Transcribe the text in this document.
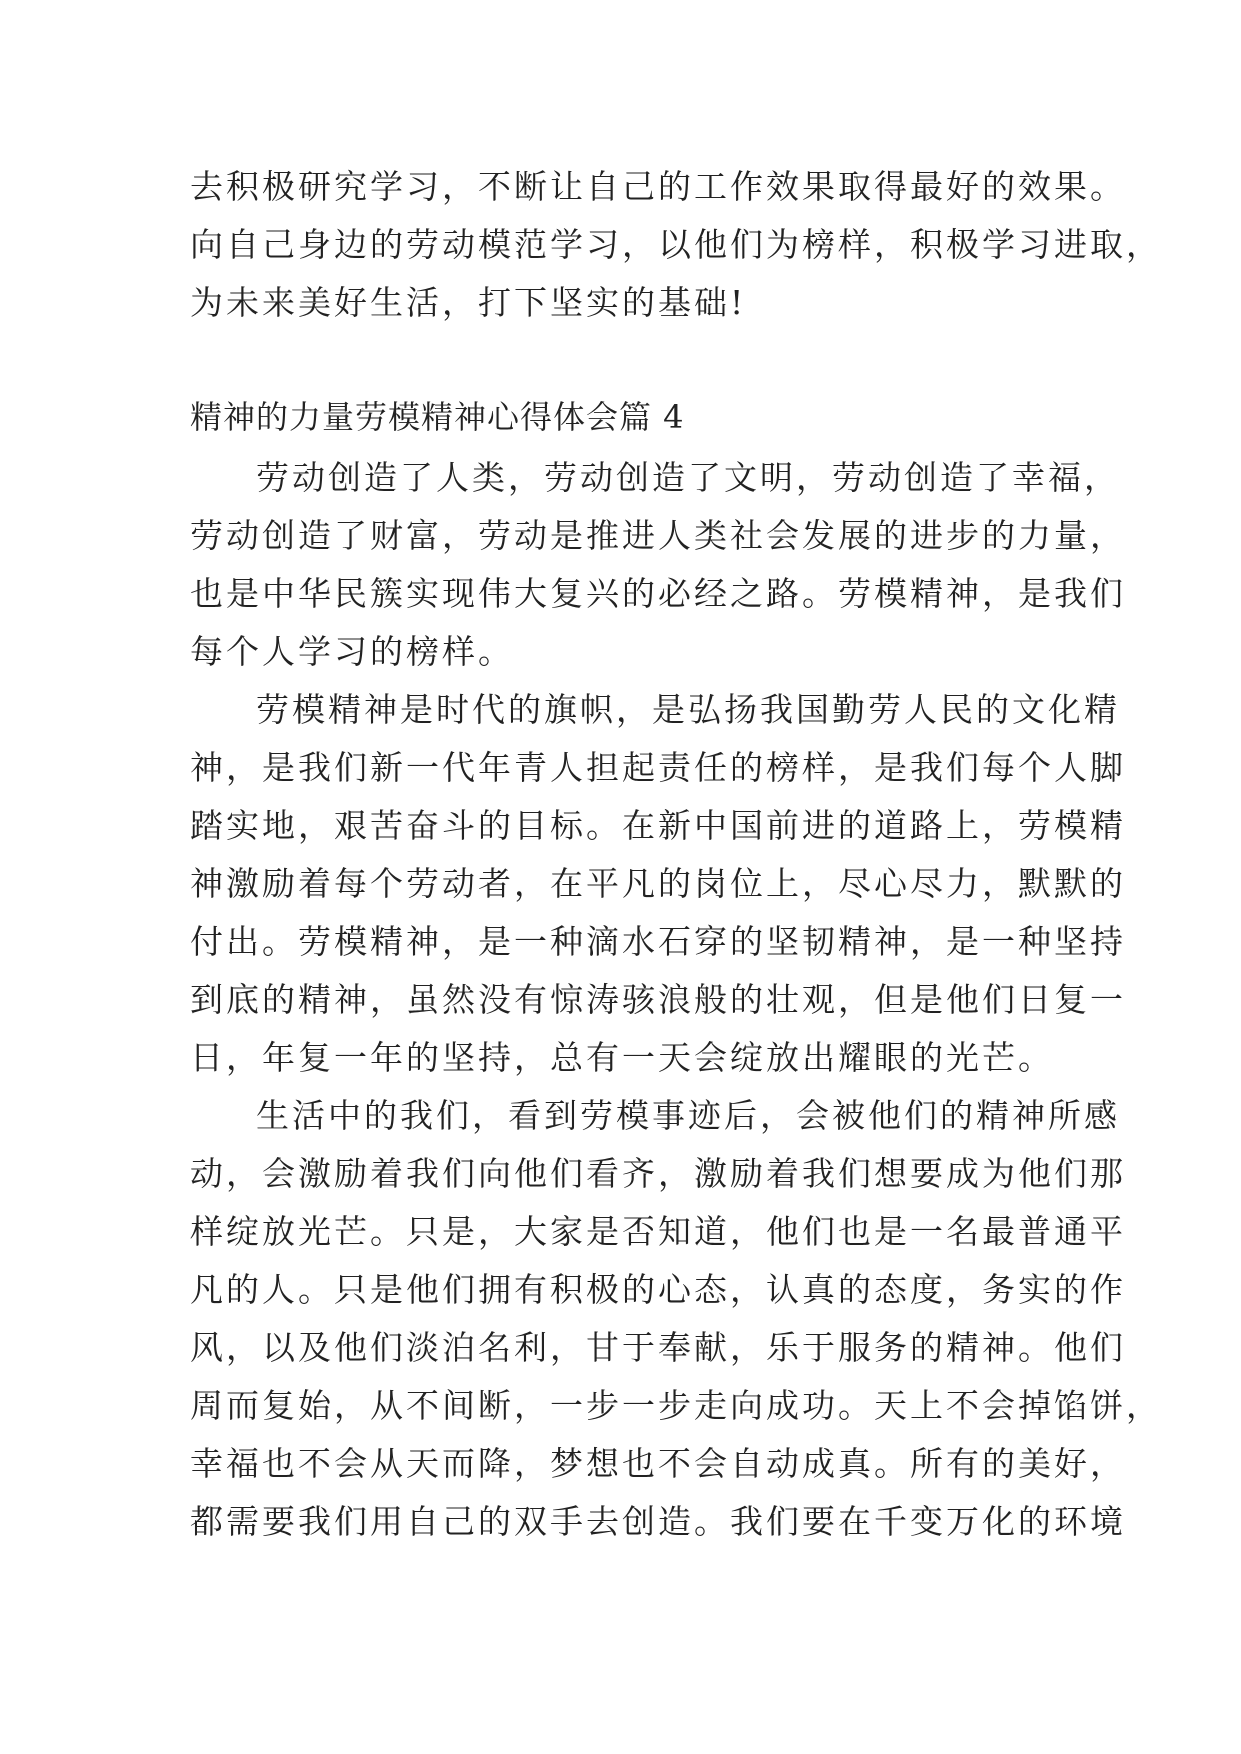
去积极研究学习，不断让自己的工作效果取得最好的效果。
向自己身边的劳动模范学习，以他们为榜样，积极学习进取，
为未来美好生活，打下坚实的基础!
精神的力量劳模精神心得体会篇 4
劳动创造了人类，劳动创造了文明，劳动创造了幸福，
劳动创造了财富，劳动是推进人类社会发展的进步的力量，
也是中华民簇实现伟大复兴的必经之路。劳模精神，是我们
每个人学习的榜样。
劳模精神是时代的旗帜，是弘扬我国勤劳人民的文化精
神，是我们新一代年青人担起责任的榜样，是我们每个人脚
踏实地，艰苦奋斗的目标。在新中国前进的道路上，劳模精
神激励着每个劳动者，在平凡的岗位上，尽心尽力，默默的
付出。劳模精神，是一种滴水石穿的坚韧精神，是一种坚持
到底的精神，虽然没有惊涛骇浪般的壮观，但是他们日复一
日，年复一年的坚持，总有一天会绽放出耀眼的光芒。
生活中的我们，看到劳模事迹后，会被他们的精神所感
动，会激励着我们向他们看齐，激励着我们想要成为他们那
样绽放光芒。只是，大家是否知道，他们也是一名最普通平
凡的人。只是他们拥有积极的心态，认真的态度，务实的作
风，以及他们淡泊名利，甘于奉献，乐于服务的精神。他们
周而复始，从不间断，一步一步走向成功。天上不会掉馅饼，
幸福也不会从天而降，梦想也不会自动成真。所有的美好，
都需要我们用自己的双手去创造。我们要在千变万化的环境
